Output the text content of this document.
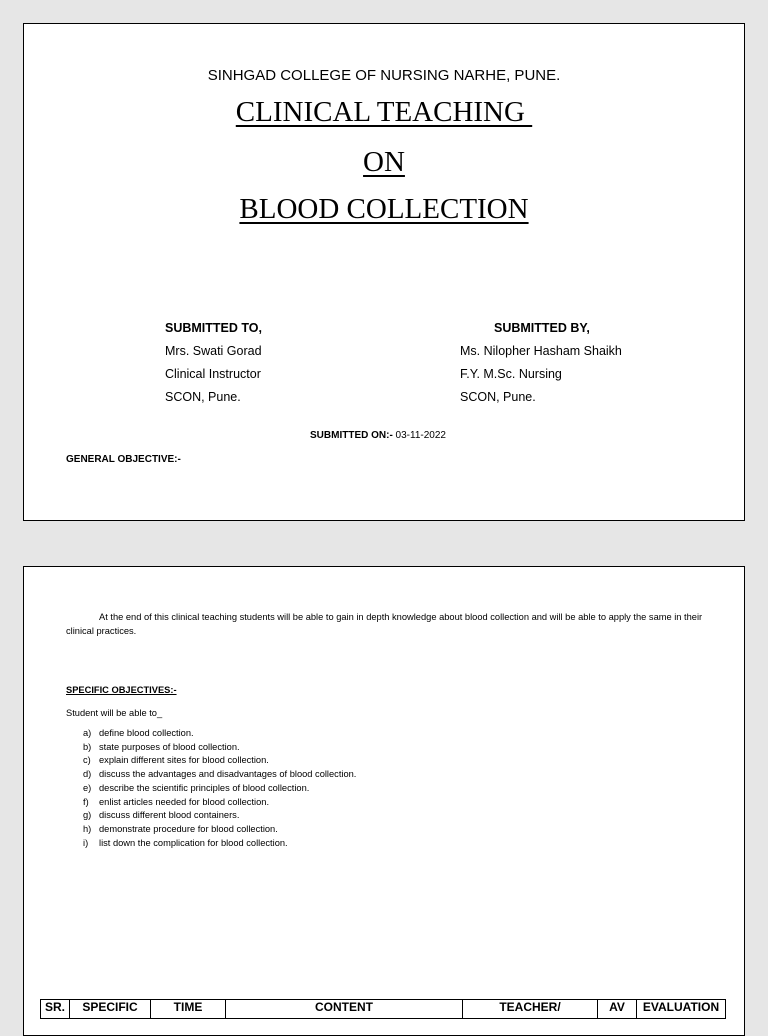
SINHGAD COLLEGE OF NURSING NARHE, PUNE.
CLINICAL TEACHING
ON
BLOOD COLLECTION
SUBMITTED TO,
Mrs. Swati Gorad
Clinical Instructor
SCON, Pune.
SUBMITTED BY,
Ms. Nilopher Hasham Shaikh
F.Y. M.Sc. Nursing
SCON, Pune.
SUBMITTED ON:- 03-11-2022
GENERAL OBJECTIVE:-
At the end of this clinical teaching students will be able to gain in depth knowledge about blood collection and will be able to apply the same in their clinical practices.
SPECIFIC OBJECTIVES:-
Student will be able to_
a) define blood collection.
b) state purposes of blood collection.
c) explain different sites for blood collection.
d) discuss the advantages and disadvantages of blood collection.
e) describe the scientific principles of blood collection.
f) enlist articles needed for blood collection.
g) discuss different blood containers.
h) demonstrate procedure for blood collection.
i) list down the complication for blood collection.
SR.	SPECIFIC	TIME	CONTENT	TEACHER/	AV	EVALUATION
